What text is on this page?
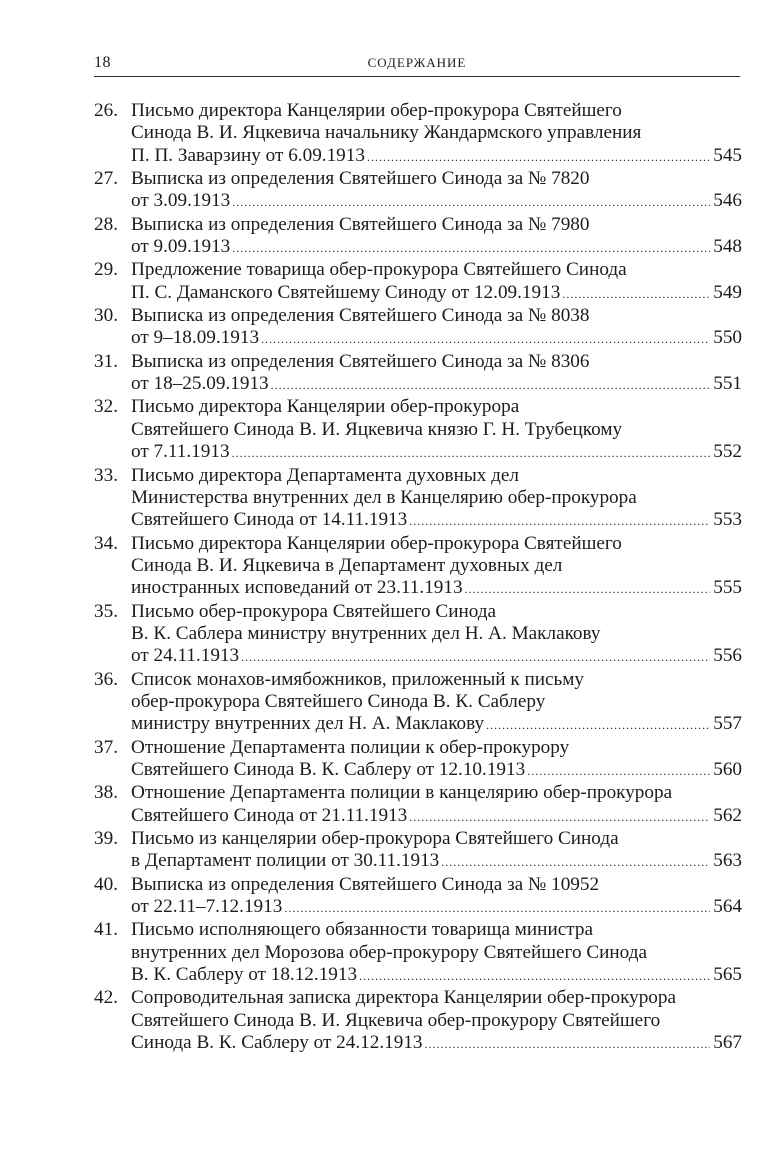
18	СОДЕРЖАНИЕ
26. Письмо директора Канцелярии обер-прокурора Святейшего
Синода В. И. Яцкевича начальнику Жандармского управления
П. П. Заварзину от 6.09.1913 .....	545
27. Выписка из определения Святейшего Синода за № 7820
от 3.09.1913 .....	546
28. Выписка из определения Святейшего Синода за № 7980
от 9.09.1913 .....	548
29. Предложение товарища обер-прокурора Святейшего Синода
П. С. Даманского Святейшему Синоду от 12.09.1913 .....	549
30. Выписка из определения Святейшего Синода за № 8038
от 9–18.09.1913 .....	550
31. Выписка из определения Святейшего Синода за № 8306
от 18–25.09.1913 .....	551
32. Письмо директора Канцелярии обер-прокурора
Святейшего Синода В. И. Яцкевича князю Г. Н. Трубецкому
от 7.11.1913 .....	552
33. Письмо директора Департамента духовных дел
Министерства внутренних дел в Канцелярию обер-прокурора
Святейшего Синода от 14.11.1913 .....	553
34. Письмо директора Канцелярии обер-прокурора Святейшего
Синода В. И. Яцкевича в Департамент духовных дел
иностранных исповеданий от 23.11.1913 .....	555
35. Письмо обер-прокурора Святейшего Синода
В. К. Саблера министру внутренних дел Н. А. Маклакову
от 24.11.1913 .....	556
36. Список монахов-имябожников, приложенный к письму
обер-прокурора Святейшего Синода В. К. Саблеру
министру внутренних дел Н. А. Маклакову .....	557
37. Отношение Департамента полиции к обер-прокурору
Святейшего Синода В. К. Саблеру от 12.10.1913 .....	560
38. Отношение Департамента полиции в канцелярию обер-прокурора
Святейшего Синода от 21.11.1913 .....	562
39. Письмо из канцелярии обер-прокурора Святейшего Синода
в Департамент полиции от 30.11.1913 .....	563
40. Выписка из определения Святейшего Синода за № 10952
от 22.11–7.12.1913 .....	564
41. Письмо исполняющего обязанности товарища министра
внутренних дел Морозова обер-прокурору Святейшего Синода
В. К. Саблеру от 18.12.1913 .....	565
42. Сопроводительная записка директора Канцелярии обер-прокурора
Святейшего Синода В. И. Яцкевича обер-прокурору Святейшего
Синода В. К. Саблеру от 24.12.1913 .....	567
